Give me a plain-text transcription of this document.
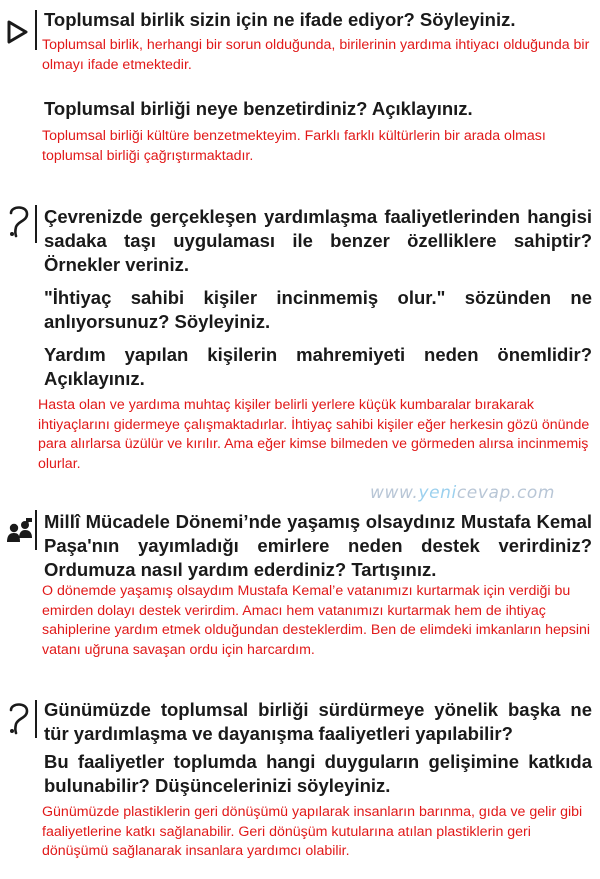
Toplumsal birlik sizin için ne ifade ediyor? Söyleyiniz.

Toplumsal birlik, herhangi bir sorun olduğunda, birilerinin yardıma ihtiyacı olduğunda bir olmayı ifade etmektedir.

Toplumsal birliği neye benzetirdiniz? Açıklayınız.

Toplumsal birliği kültüre benzetmekteyim. Farklı farklı kültürlerin bir arada olması toplumsal birliği çağrıştırmaktadır.

Çevrenizde gerçekleşen yardımlaşma faaliyetlerinden hangisi sadaka taşı uygulaması ile benzer özelliklere sahiptir? Örnekler veriniz.

"İhtiyaç sahibi kişiler incinmemiş olur." sözünden ne anlıyorsunuz? Söyleyiniz.

Yardım yapılan kişilerin mahremiyeti neden önemlidir? Açıklayınız.

Hasta olan ve yardıma muhtaç kişiler belirli yerlere küçük kumbaralar bırakarak ihtiyaçlarını gidermeye çalışmaktadırlar. İhtiyaç sahibi kişiler eğer herkesin gözü önünde para alırlarsa üzülür ve kırılır. Ama eğer kimse bilmeden ve görmeden alırsa incinmemiş olurlar.

www.yenicevap.com

Millî Mücadele Dönemi’nde yaşamış olsaydınız Mustafa Kemal Paşa'nın yayımladığı emirlere neden destek verirdiniz? Ordumuza nasıl yardım ederdiniz? Tartışınız.

O dönemde yaşamış olsaydım Mustafa Kemal’e vatanımızı kurtarmak için verdiği bu emirden dolayı destek verirdim. Amacı hem vatanımızı kurtarmak hem de ihtiyaç sahiplerine yardım etmek olduğundan desteklerdim. Ben de elimdeki imkanların hepsini vatanı uğruna savaşan ordu için harcardım.

Günümüzde toplumsal birliği sürdürmeye yönelik başka ne tür yardımlaşma ve dayanışma faaliyetleri yapılabilir?

Bu faaliyetler toplumda hangi duyguların gelişimine katkıda bulunabilir? Düşüncelerinizi söyleyiniz.

Günümüzde plastiklerin geri dönüşümü yapılarak insanların barınma, gıda ve gelir gibi faaliyetlerine katkı sağlanabilir. Geri dönüşüm kutularına atılan plastiklerin geri dönüşümü sağlanarak insanlara yardımcı olabilir.
